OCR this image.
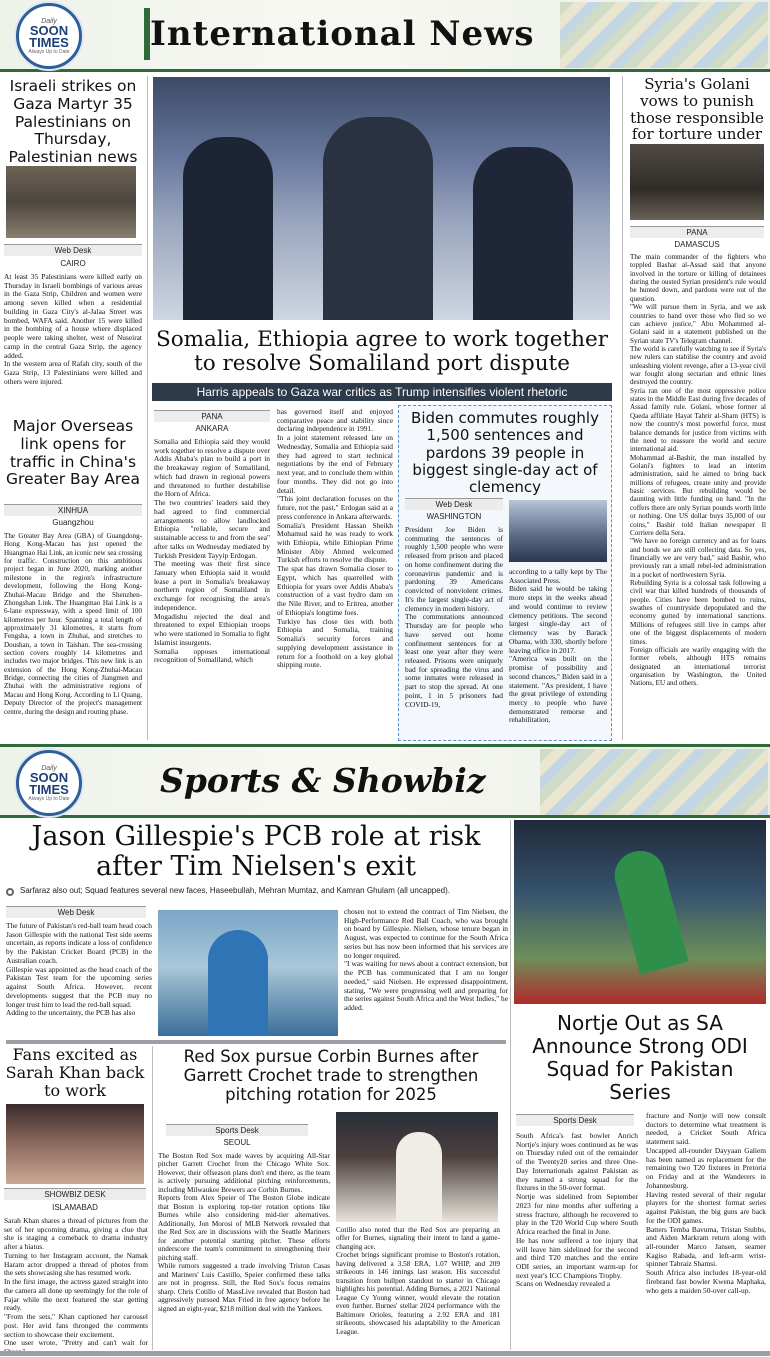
Daily
SOON
TIMES
Always Up to Date International News
Israeli strikes on Gaza Martyr 35 Palestinians on Thursday, Palestinian news
Web Desk
CAIRO
At least 35 Palestinians were killed early on Thursday in Israeli bombings of various areas in the Gaza Strip, Children and women were among seven killed when a residential building in Gaza City's al-Jalaa Street was bombed, WAFA said. Another 15 were killed in the bombing of a house where displaced people were taking shelter, west of Nuseirat camp in the central Gaza Strip, the agency added.
In the western area of Rafah city, south of the Gaza Strip, 13 Palestinians were killed and others were injured.
Major Overseas link opens for traffic in China's Greater Bay Area
XINHUA
Guangzhou
The Greater Bay Area (GBA) of Guangdong-Hong Kong-Macau has just opened the Huangmao Hai Link, an iconic new sea crossing for traffic. Construction on this ambitious project began in June 2020, marking another milestone in the region's infrastructure development, following the Hong Kong-Zhuhai-Macau Bridge and the Shenzhen-Zhongshan Link. The Huangmao Hai Link is a 6-lane expressway, with a speed limit of 100 kilometres per hour. Spanning a total length of approximately 31 kilometres, it starts from Fengsha, a town in Zhuhai, and stretches to Doushan, a town in Taishan. The sea-crossing section covers roughly 14 kilometres and includes two major bridges. This new link is an extension of the Hong Kong-Zhuhai-Macau Bridge, connecting the cities of Jiangmen and Zhuhai with the administrative regions of Macau and Hong Kong. According to Li Quang, Deputy Director of the project's management centre, during the design and routing phase.
Somalia, Ethiopia agree to work together to resolve Somaliland port dispute
Harris appeals to Gaza war critics as Trump intensifies violent rhetoric
PANA
ANKARA
Somalia and Ethiopia said they would work together to resolve a dispute over Addis Ababa's plan to build a port in the breakaway region of Somaliland, which had drawn in regional powers and threatened to further destabilise the Horn of Africa.
The two countries' leaders said they had agreed to find commercial arrangements to allow landlocked Ethiopia "reliable, secure and sustainable access to and from the sea" after talks on Wednesday mediated by Turkish President Tayyip Erdogan.
The meeting was their first since January when Ethiopia said it would lease a port in Somalia's breakaway northern region of Somaliland in exchange for recognising the area's independence.
Mogadishu rejected the deal and threatened to expel Ethiopian troops who were stationed in Somalia to fight Islamist insurgents.
Somalia opposes international recognition of Somaliland, which
has governed itself and enjoyed comparative peace and stability since declaring independence in 1991.
In a joint statement released late on Wednesday, Somalia and Ethiopia said they had agreed to start technical negotiations by the end of February next year, and to conclude them within four months. They did not go into detail.
"This joint declaration focuses on the future, not the past," Erdogan said at a press conference in Ankara afterwards.
Somalia's President Hassan Sheikh Mohamud said he was ready to work with Ethiopia, while Ethiopian Prime Minister Abiy Ahmed welcomed Turkish efforts to resolve the dispute.
The spat has drawn Somalia closer to Egypt, which has quarrelled with Ethiopia for years over Addis Ababa's construction of a vast hydro dam on the Nile River, and to Eritrea, another of Ethiopia's longtime foes.
Turkiye has close ties with both Ethiopia and Somalia, training Somalia's security forces and supplying development assistance in return for a foothold on a key global shipping route.
Biden commutes roughly 1,500 sentences and pardons 39 people in biggest single-day act of clemency
Web Desk
WASHINGTON
President Joe Biden is commuting the sentences of roughly 1,500 people who were released from prison and placed on home confinement during the coronavirus pandemic and is pardoning 39 Americans convicted of nonviolent crimes. It's the largest single-day act of clemency in modern history.
The commutations announced Thursday are for people who have served out home confinement sentences for at least one year after they were released. Prisons were uniquely bad for spreading the virus and some inmates were released in part to stop the spread. At one point, 1 in 5 prisoners had COVID-19,
according to a tally kept by The Associated Press.
Biden said he would be taking more steps in the weeks ahead and would continue to review clemency petitions. The second largest single-day act of clemency was by Barack Obama, with 330, shortly before leaving office in 2017.
"America was built on the promise of possibility and second chances," Biden said in a statement. "As president, I have the great privilege of extending mercy to people who have demonstrated remorse and rehabilitation,
Syria's Golani vows to punish those responsible for torture under
PANA
DAMASCUS
The main commander of the fighters who toppled Bashar al-Assad said that anyone involved in the torture or killing of detainees during the ousted Syrian president's rule would be hunted down, and pardons were out of the question.
"We will pursue them in Syria, and we ask countries to hand over those who fled so we can achieve justice," Abu Mohammed al-Golani said in a statement published on the Syrian state TV's Telegram channel.
The world is carefully watching to see if Syria's new rulers can stabilise the country and avoid unleashing violent revenge, after a 13-year civil war fought along sectarian and ethnic lines destroyed the country.
Syria ran one of the most oppressive police states in the Middle East during five decades of Assad family rule. Golani, whose former al Qaeda affiliate Hayat Tahrir al-Sham (HTS) is now the country's most powerful force, must balance demands for justice from victims with the need to reassure the world and secure international aid.
Mohammad al-Bashir, the man installed by Golani's fighters to lead an interim administration, said he aimed to bring back millions of refugees, create unity and provide basic services. But rebuilding would be daunting with little funding on hand. "In the coffers there are only Syrian pounds worth little or nothing. One US dollar buys 35,000 of our coins," Bashir told Italian newspaper Il Corriere della Sera.
"We have no foreign currency and as for loans and bonds we are still collecting data. So yes, financially we are very bad," said Bashir, who previously ran a small rebel-led administration in a pocket of northwestern Syria.
Rebuilding Syria is a colossal task following a civil war that killed hundreds of thousands of people. Cities have been bombed to ruins, swathes of countryside depopulated and the economy gutted by international sanctions. Millions of refugees still live in camps after one of the biggest displacements of modern times.
Foreign officials are warily engaging with the former rebels, although HTS remains designated an international terrorist organisation by Washington, the United Nations, EU and others.
Daily
SOON
TIMES
Always Up to Date	Sports & Showbiz
Jason Gillespie's PCB role at risk after Tim Nielsen's exit
Sarfaraz also out; Squad features several new faces, Haseebullah, Mehran Mumtaz, and Kamran Ghulam (all uncapped).
Web Desk
The future of Pakistan's red-ball team head coach Jason Gillespie with the national Test side seems uncertain, as reports indicate a loss of confidence by the Pakistan Cricket Board (PCB) in the Australian coach.
Gillespie was appointed as the head coach of the Pakistan Test team for the upcoming series against South Africa. However, recent developments suggest that the PCB may no longer trust him to lead the red-ball squad.
Adding to the uncertainty, the PCB has also
chosen not to extend the contract of Tim Nielsen, the High-Performance Red Ball Coach, who was brought on board by Gillespie. Nielsen, whose tenure began in August, was expected to continue for the South Africa series but has now been informed that his services are no longer required.
"I was waiting for news about a contract extension, but the PCB has communicated that I am no longer needed," said Nielsen. He expressed disappointment, stating, "We were progressing well and preparing for the series against South Africa and the West Indies," he added.
Fans excited as Sarah Khan back to work
SHOWBIZ DESK
ISLAMABAD
Sarah Khan shares a thread of pictures from the set of her upcoming drama, giving a clue that she is staging a comeback to drama industry after a hiatus.
Turning to her Instagram account, the Namak Haram actor dropped a thread of photos from the sets showcasing she has resumed work.
In the first image, the actress gazed straight into the camera all done up seemingly for the role of Fajar while the next featured the star getting ready.
"From the sets," Khan captioned her carousel post. Her avid fans thronged the comments section to showcase their excitement.
One user wrote, "Pretty and can't wait for
Red Sox pursue Corbin Burnes after Garrett Crochet trade to strengthen pitching rotation for 2025
Sports Desk
SEOUL
The Boston Red Sox made waves by acquiring All-Star pitcher Garrett Crochet from the Chicago White Sox. However, their offseason plans don't end there, as the team is actively pursuing additional pitching reinforcements, including Milwaukee Brewers ace Corbin Burnes.
Reports from Alex Speier of The Boston Globe indicate that Boston is exploring top-tier rotation options like Burnes while also considering mid-tier alternatives. Additionally, Jon Morosi of MLB Network revealed that the Red Sox are in discussions with the Seattle Mariners for another potential starting pitcher. These efforts underscore the team's commitment to strengthening their pitching staff.
While rumors suggested a trade involving Triston Casas and Mariners' Luis Castillo, Speier confirmed these talks are not in progress. Still, the Red Sox's focus remains sharp. Chris Cotillo of MassLive revealed that Boston had aggressively pursued Max Fried in free agency before he signed an eight-year, $218 million deal with the Yankees.
Cotillo also noted that the Red Sox are preparing an offer for Burnes, signaling their intent to land a game-changing ace.
Crochet brings significant promise to Boston's rotation, having delivered a 3.58 ERA, 1.07 WHIP, and 209 strikeouts in 146 innings last season. His successful transition from bullpen standout to starter in Chicago highlights his potential. Adding Burnes, a 2021 National League Cy Young winner, would elevate the rotation even further. Burnes' stellar 2024 performance with the Baltimore Orioles, featuring a 2.92 ERA and 181 strikeouts, showcased his adaptability to the American League.
Nortje Out as SA Announce Strong ODI Squad for Pakistan Series
Sports Desk
South Africa's fast bowler Anrich Nortje's injury woes continued as he was on Thursday ruled out of the remainder of the Twenty20 series and three One-Day Internationals against Pakistan as they named a strong squad for the fixtures in the 50-over format.
Nortje was sidelined from September 2023 for nine months after suffering a stress fracture, although he recovered to play in the T20 World Cup where South Africa reached the final in June.
He has now suffered a toe injury that will leave him sidelined for the second and third T20 matches and the entire ODI series, an important warm-up for next year's ICC Champions Trophy.
Scans on Wednesday revealed a
fracture and Nortje will now consult doctors to determine what treatment is needed, a Cricket South Africa statement said.
Uncapped all-rounder Dayyaan Galiem has been named as replacement for the remaining two T20 fixtures in Pretoria on Friday and at the Wanderers in Johannesburg.
Having rested several of their regular players for the shortest format series against Pakistan, the big guns are back for the ODI games.
Batters Temba Bavuma, Tristan Stubbs, and Aiden Markram return along with all-rounder Marco Jansen, seamer Kagiso Rabada, and left-arm wrist-spinner Tabraiz Shamsi.
South Africa also includes 18-year-old firebrand fast bowler Kwena Maphaka, who gets a maiden 50-over call-up.
